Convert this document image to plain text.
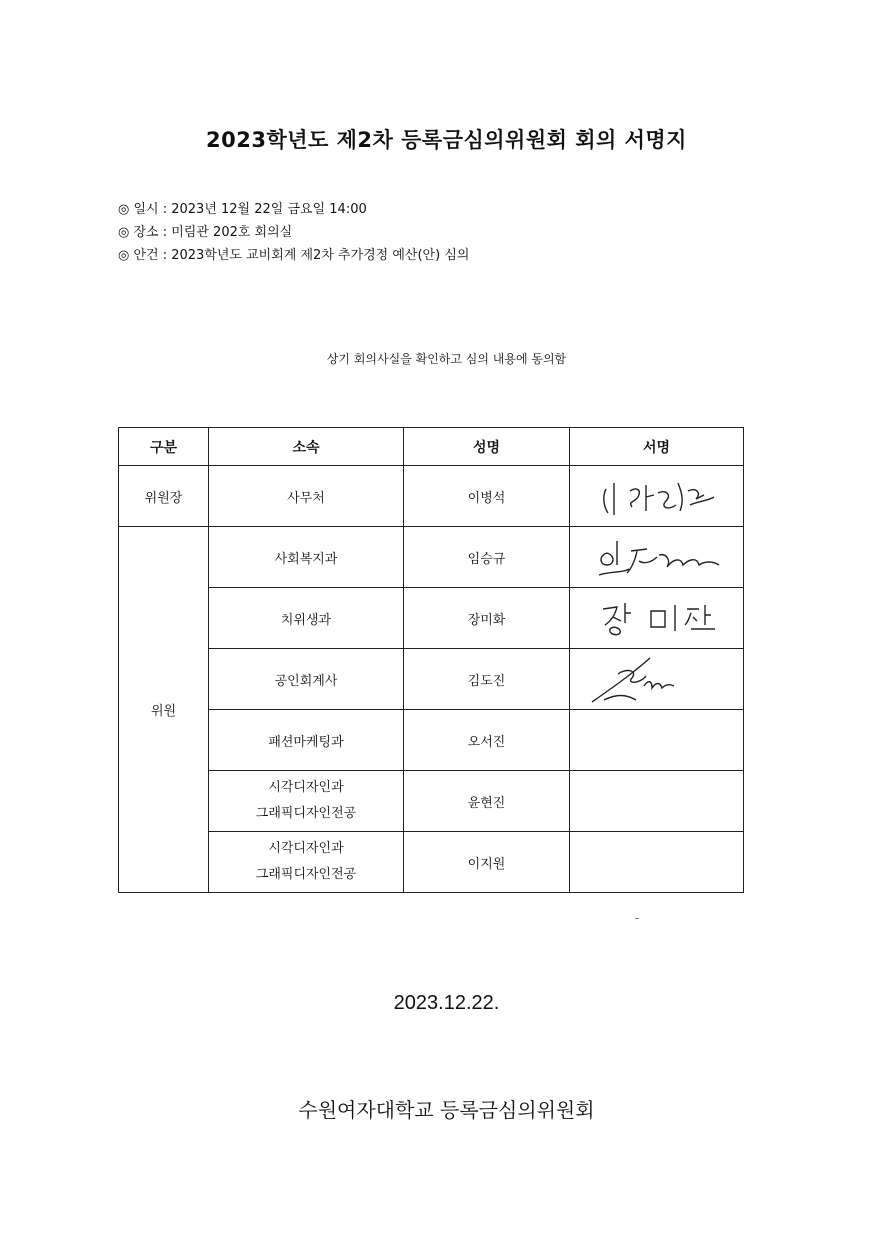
2023학년도 제2차 등록금심의위원회 회의 서명지
◎ 일시 : 2023년 12월 22일 금요일 14:00
◎ 장소 : 미림관 202호 회의실
◎ 안건 : 2023학년도 교비회계 제2차 추가경정 예산(안) 심의
상기 회의사실을 확인하고 심의 내용에 동의함
구분	소속	성명	서명
위원장	사무처	이병석	

위원	사회복지과	임승규	

	치위생과	장미화	

	공인회계사	김도진	

	패션마케팅과	오서진	

	시각디자인과
그래픽디자인전공	윤현진	

	시각디자인과
그래픽디자인전공	이지원	
2023.12.22.
수원여자대학교 등록금심의위원회
